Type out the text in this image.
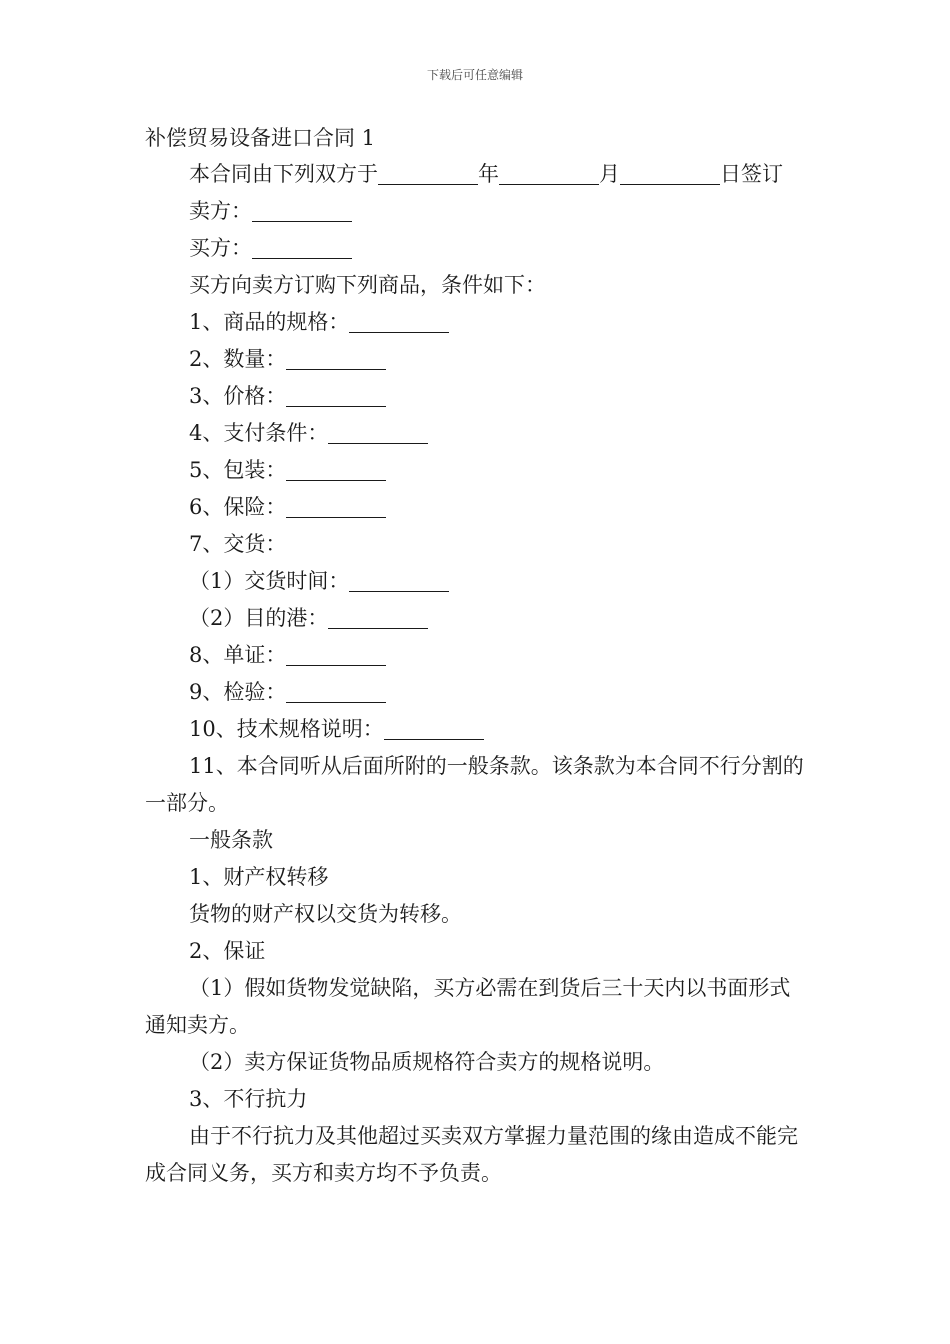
下载后可任意编辑
补偿贸易设备进口合同 1

本合同由下列双方于	年	月	日签订

卖方：

买方：

买方向卖方订购下列商品，条件如下：

1、商品的规格：

2、数量：

3、价格：

4、支付条件：

5、包装：

6、保险：

7、交货：

（1）交货时间：

（2）目的港：

8、单证：

9、检验：

10、技术规格说明：

11、本合同听从后面所附的一般条款。该条款为本合同不行分割的一部分。

一般条款

1、财产权转移

货物的财产权以交货为转移。

2、保证

（1）假如货物发觉缺陷，买方必需在到货后三十天内以书面形式通知卖方。

（2）卖方保证货物品质规格符合卖方的规格说明。

3、不行抗力

由于不行抗力及其他超过买卖双方掌握力量范围的缘由造成不能完成合同义务，买方和卖方均不予负责。
